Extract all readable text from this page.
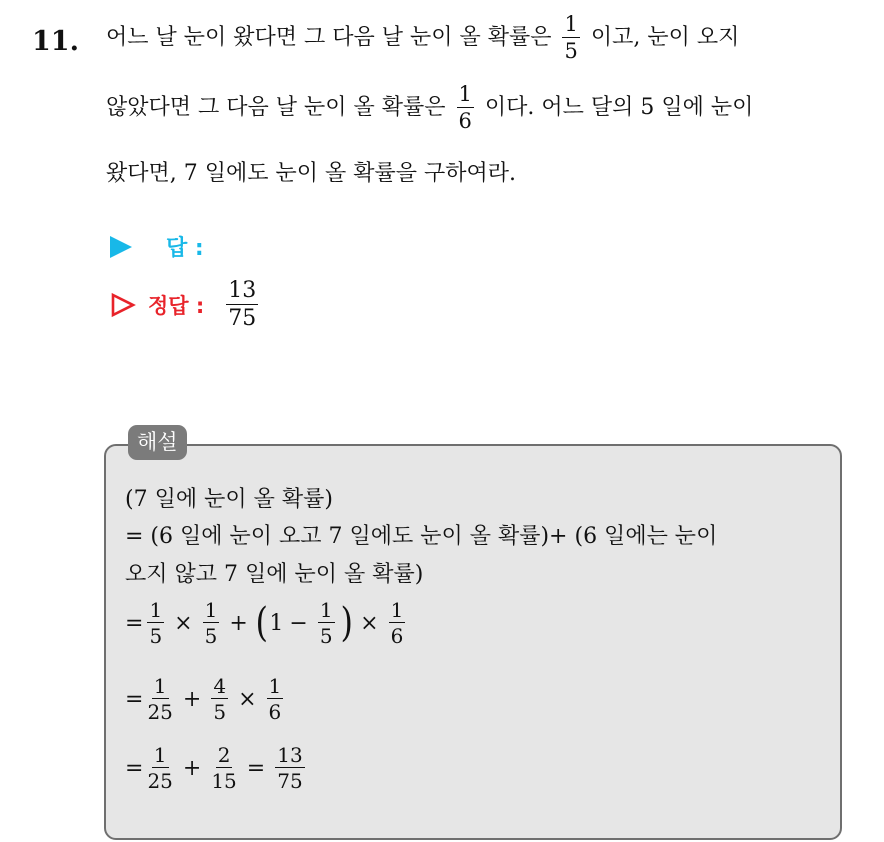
11. 어느 날 눈이 왔다면 그 다음 날 눈이 올 확률은 $\frac{1}{5}$ 이고, 눈이 오지
않았다면 그 다음 날 눈이 올 확률은 $\frac{1}{6}$ 이다. 어느 달의 5 일에 눈이
왔다면, 7 일에도 눈이 올 확률을 구하여라.
답 :
정답 : $\frac{13}{75}$
해설
(7 일에 눈이 올 확률)
= (6 일에 눈이 오고 7 일에도 눈이 올 확률)+ (6 일에는 눈이
오지 않고 7 일에 눈이 올 확률)
= $\frac{1}{5} \times \frac{1}{5}$ + ( $1 - \frac{1}{5}$ ) × $\frac{1}{6}$
= $\frac{1}{25} + \frac{4}{5} \times \frac{1}{6}$
= $\frac{1}{25} + \frac{2}{15} = \frac{13}{75}$
